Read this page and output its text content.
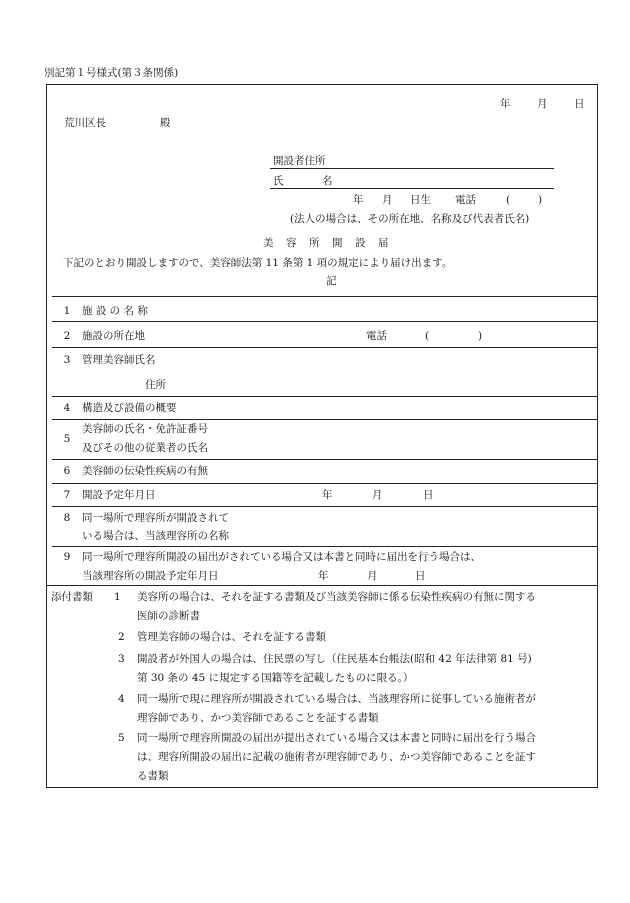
別記第１号様式(第３条関係)
年	月	日
荒川区長	殿
開設者住所
氏	名
年 月 日生 電話	(	)
(法人の場合は、その所在地、名称及び代表者氏名)
美　容　所　開　設　届
下記のとおり開設しますので、美容師法第 11 条第 1 項の規定により届け出ます。
記
1	施 設 の 名 称
2	施設の所在地	電話	(	)
3	管理美容師氏名
住所
4	構造及び設備の概要
5
美容師の氏名・免許証番号
及びその他の従業者の氏名
6	美容師の伝染性疾病の有無
7	開設予定年月日	年	月	日
8	同一場所で理容所が開設されて
いる場合は、当該理容所の名称
9	同一場所で理容所開設の届出がされている場合又は本書と同時に届出を行う場合は、
当該理容所の開設予定年月日	年	月	日
添付書類 1 美容所の場合は、それを証する書類及び当該美容師に係る伝染性疾病の有無に関する
医師の診断書
2 管理美容師の場合は、それを証する書類
3 開設者が外国人の場合は、住民票の写し（住民基本台帳法(昭和 42 年法律第 81 号)
第 30 条の 45 に規定する国籍等を記載したものに限る。）
4 同一場所で現に理容所が開設されている場合は、当該理容所に従事している施術者が
理容師であり、かつ美容師であることを証する書類
5 同一場所で理容所開設の届出が提出されている場合又は本書と同時に届出を行う場合
は、理容所開設の届出に記載の施術者が理容師であり、かつ美容師であることを証す
る書類
